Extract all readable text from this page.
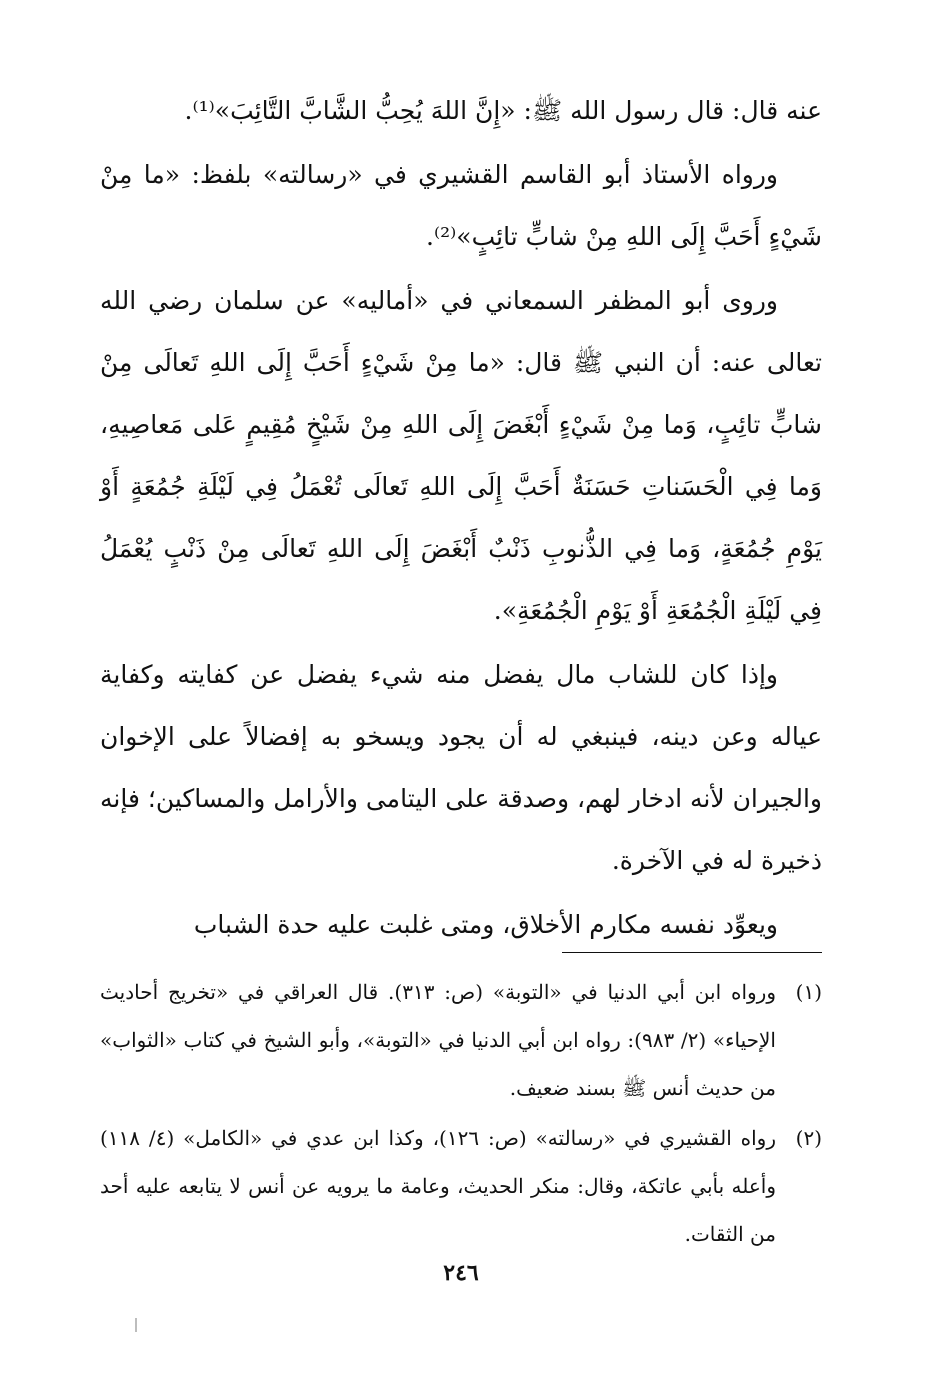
عنه قال: قال رسول الله ﷺ: «إِنَّ اللهَ يُحِبُّ الشَّابَّ التَّائِبَ»⁽¹⁾.

ورواه الأستاذ أبو القاسم القشيري في «رسالته» بلفظ: «ما مِنْ شَيْءٍ أَحَبَّ إِلَى اللهِ مِنْ شابٍّ تائِبٍ»⁽²⁾.

وروى أبو المظفر السمعاني في «أماليه» عن سلمان رضي الله تعالى عنه: أن النبي ﷺ قال: «ما مِنْ شَيْءٍ أَحَبَّ إِلَى اللهِ تَعالَى مِنْ شابٍّ تائِبٍ، وَما مِنْ شَيْءٍ أَبْغَضَ إِلَى اللهِ مِنْ شَيْخٍ مُقِيمٍ عَلى مَعاصِيهِ، وَما فِي الْحَسَناتِ حَسَنَةٌ أَحَبَّ إِلَى اللهِ تَعالَى تُعْمَلُ فِي لَيْلَةِ جُمُعَةٍ أَوْ يَوْمِ جُمُعَةٍ، وَما فِي الذُّنوبِ ذَنْبٌ أَبْغَضَ إِلَى اللهِ تَعالَى مِنْ ذَنْبٍ يُعْمَلُ فِي لَيْلَةِ الْجُمُعَةِ أَوْ يَوْمِ الْجُمُعَةِ».

وإذا كان للشاب مال يفضل منه شيء يفضل عن كفايته وكفاية عياله وعن دينه، فينبغي له أن يجود ويسخو به إفضالاً على الإخوان والجيران لأنه ادخار لهم، وصدقة على اليتامى والأرامل والمساكين؛ فإنه ذخيرة له في الآخرة.

ويعوِّد نفسه مكارم الأخلاق، ومتى غلبت عليه حدة الشباب

(١)
ورواه ابن أبي الدنيا في «التوبة» (ص: ٣١٣). قال العراقي في «تخريج أحاديث الإحياء» (٢/ ٩٨٣): رواه ابن أبي الدنيا في «التوبة»، وأبو الشيخ في كتاب «الثواب» من حديث أنس ﷺ بسند ضعيف.
(٢)
رواه القشيري في «رسالته» (ص: ١٢٦)، وكذا ابن عدي في «الكامل» (٤/ ١١٨) وأعله بأبي عاتكة، وقال: منكر الحديث، وعامة ما يرويه عن أنس لا يتابعه عليه أحد من الثقات.
٢٤٦
